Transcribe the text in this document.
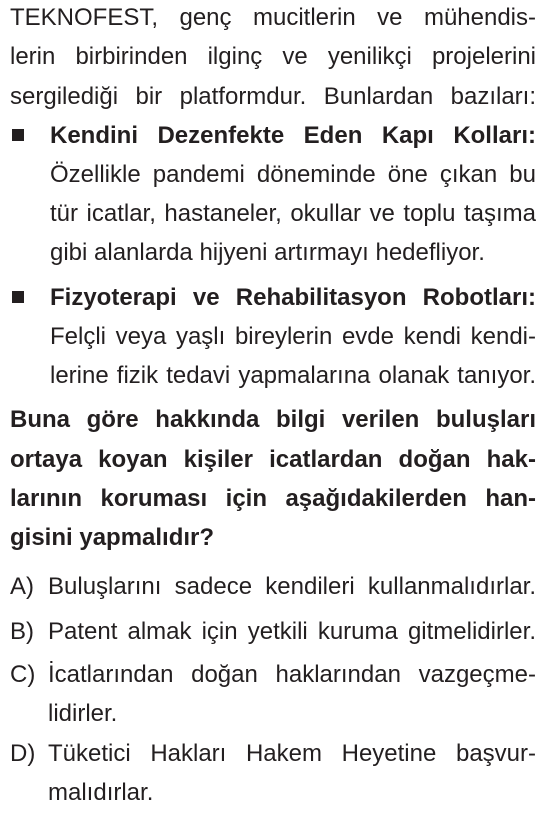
TEKNOFEST, genç mucitlerin ve mühendis-
lerin birbirinden ilginç ve yenilikçi projelerini
sergilediği bir platformdur. Bunlardan bazıları:
Kendini Dezenfekte Eden Kapı Kolları:
Özellikle pandemi döneminde öne çıkan bu
tür icatlar, hastaneler, okullar ve toplu taşıma
gibi alanlarda hijyeni artırmayı hedefliyor.
Fizyoterapi ve Rehabilitasyon Robotları:
Felçli veya yaşlı bireylerin evde kendi kendi-
lerine fizik tedavi yapmalarına olanak tanıyor.
Buna göre hakkında bilgi verilen buluşları
ortaya koyan kişiler icatlardan doğan hak-
larının koruması için aşağıdakilerden han-
gisini yapmalıdır?
A) Buluşlarını sadece kendileri kullanmalıdırlar.
B) Patent almak için yetkili kuruma gitmelidirler.
C) İcatlarından doğan haklarından vazgeçme-
lidirler.
D) Tüketici Hakları Hakem Heyetine başvur-
malıdırlar.
